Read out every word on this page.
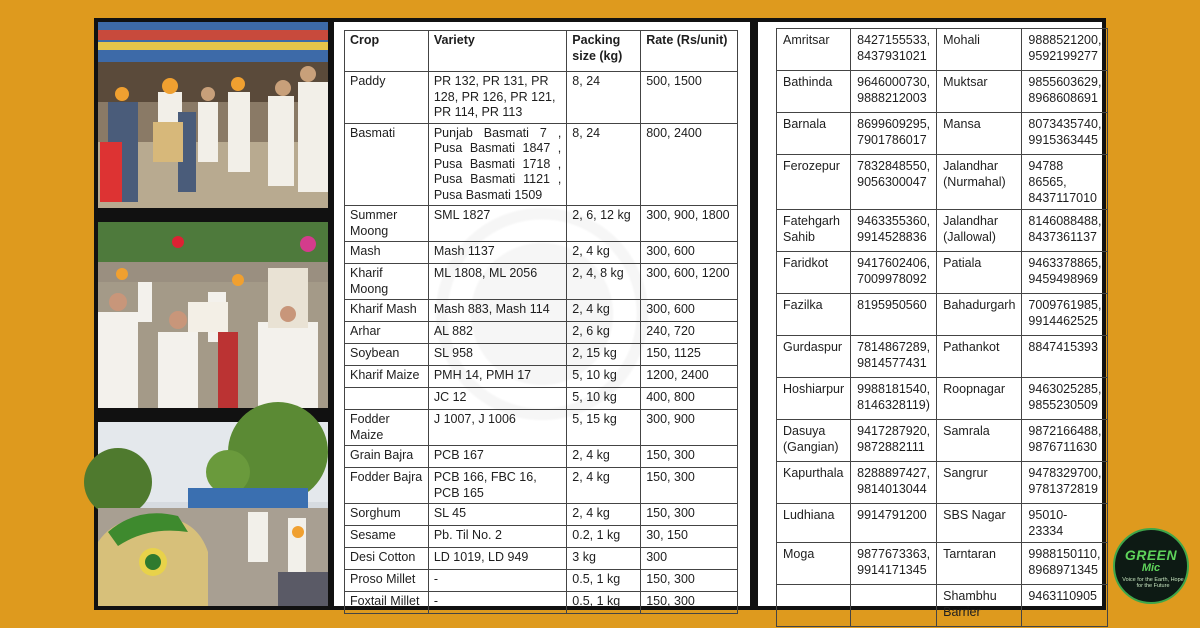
Crop	Variety	Packing size (kg)	Rate (Rs/unit)
Paddy	PR 132, PR 131, PR 128, PR 126, PR 121, PR 114, PR 113	8, 24	500, 1500
Basmati	Punjab Basmati 7 , Pusa Basmati 1847 , Pusa Basmati 1718 , Pusa Basmati 1121 , Pusa Basmati 1509	8, 24	800, 2400
Summer Moong	SML 1827	2, 6, 12 kg	300, 900, 1800
Mash	Mash 1137	2, 4 kg	300, 600
Kharif Moong	ML 1808, ML 2056	2, 4, 8 kg	300, 600, 1200
Kharif Mash	Mash 883, Mash 114	2, 4 kg	300, 600
Arhar	AL 882	2, 6 kg	240, 720
Soybean	SL 958	2, 15 kg	150, 1125
Kharif Maize	PMH 14, PMH 17	5, 10 kg	1200, 2400
	JC 12	5, 10 kg	400, 800
Fodder Maize	J 1007, J 1006	5, 15 kg	300, 900
Grain Bajra	PCB 167	2, 4 kg	150, 300
Fodder Bajra	PCB 166, FBC 16, PCB 165	2, 4 kg	150, 300
Sorghum	SL 45	2, 4 kg	150, 300
Sesame	Pb. Til No. 2	0.2, 1 kg	30, 150
Desi Cotton	LD 1019, LD 949	3 kg	300
Proso Millet	-	0.5, 1 kg	150, 300
Foxtail Millet	-	0.5, 1 kg	150, 300
Amritsar	8427155533, 8437931021	Mohali	9888521200, 9592199277
Bathinda	9646000730, 9888212003	Muktsar	9855603629, 8968608691
Barnala	8699609295, 7901786017	Mansa	8073435740, 9915363445
Ferozepur	7832848550, 9056300047	Jalandhar (Nurmahal)	94788 86565, 8437117010
Fatehgarh Sahib	9463355360, 9914528836	Jalandhar (Jallowal)	8146088488, 8437361137
Faridkot	9417602406, 7009978092	Patiala	9463378865, 9459498969
Fazilka	8195950560	Bahadurgarh	7009761985, 9914462525
Gurdaspur	7814867289, 9814577431	Pathankot	8847415393
Hoshiarpur	9988181540, 8146328119)	Roopnagar	9463025285, 9855230509
Dasuya (Gangian)	9417287920, 9872882111	Samrala	9872166488, 9876711630
Kapurthala	8288897427, 9814013044	Sangrur	9478329700, 9781372819
Ludhiana	9914791200	SBS Nagar	95010-23334
Moga	9877673363, 9914171345	Tarntaran	9988150110, 8968971345
		Shambhu Barrier	9463110905
GREEN
Mic
Voice for the Earth, Hope for the Future
